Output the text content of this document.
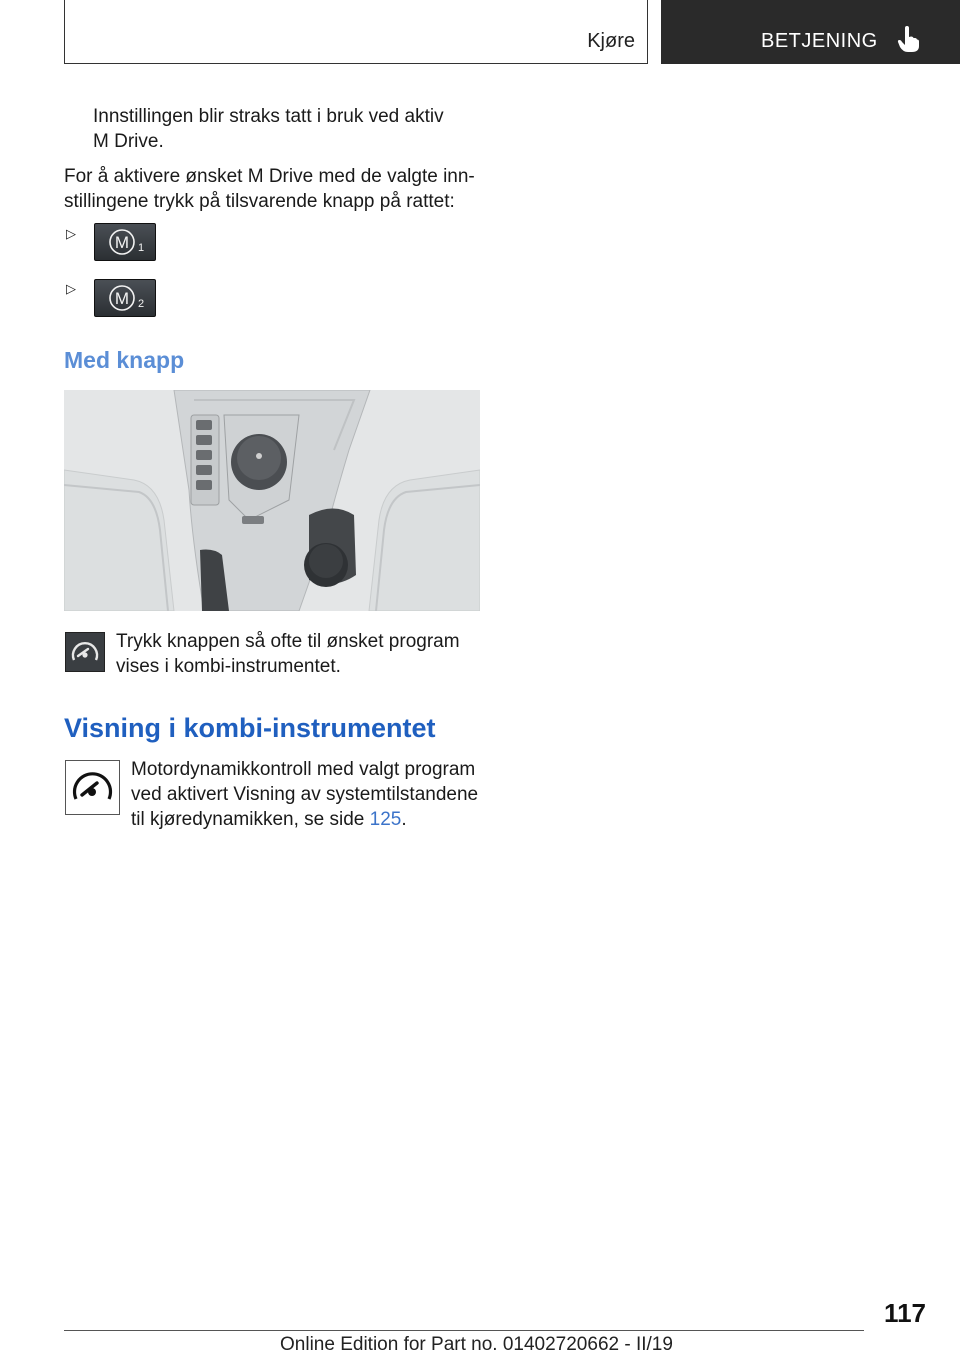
Kjøre	BETJENING
Innstillingen blir straks tatt i bruk ved aktiv
M Drive.
For å aktivere ønsket M Drive med de valgte inn-
stillingene trykk på tilsvarende knapp på rattet:
▷ M 1
▷
M 2
Med knapp
Trykk knappen så ofte til ønsket program
vises i kombi-instrumentet.
Visning i kombi-instrumentet
Motordynamikkontroll med valgt program
ved aktivert Visning av systemtilstandene
til kjøredynamikken, se side 125.
117
Online Edition for Part no. 01402720662 - II/19
